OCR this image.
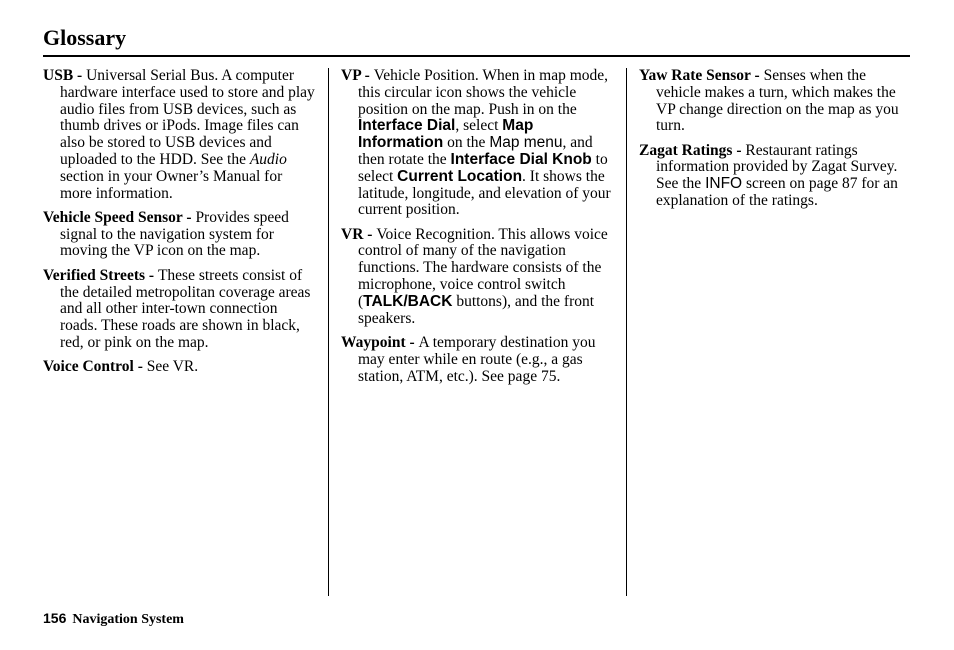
Glossary
USB - Universal Serial Bus. A computer hardware interface used to store and play audio files from USB devices, such as thumb drives or iPods. Image files can also be stored to USB devices and uploaded to the HDD. See the Audio section in your Owner’s Manual for more information.
Vehicle Speed Sensor - Provides speed signal to the navigation system for moving the VP icon on the map.
Verified Streets - These streets consist of the detailed metropolitan coverage areas and all other inter-town connection roads. These roads are shown in black, red, or pink on the map.
Voice Control - See VR.
VP - Vehicle Position. When in map mode, this circular icon shows the vehicle position on the map. Push in on the Interface Dial, select Map Information on the Map menu, and then rotate the Interface Dial Knob to select Current Location. It shows the latitude, longitude, and elevation of your current position.
VR - Voice Recognition. This allows voice control of many of the navigation functions. The hardware consists of the microphone, voice control switch (TALK/BACK buttons), and the front speakers.
Waypoint - A temporary destination you may enter while en route (e.g., a gas station, ATM, etc.). See page 75.
Yaw Rate Sensor - Senses when the vehicle makes a turn, which makes the VP change direction on the map as you turn.
Zagat Ratings - Restaurant ratings information provided by Zagat Survey. See the INFO screen on page 87 for an explanation of the ratings.
156 Navigation System
